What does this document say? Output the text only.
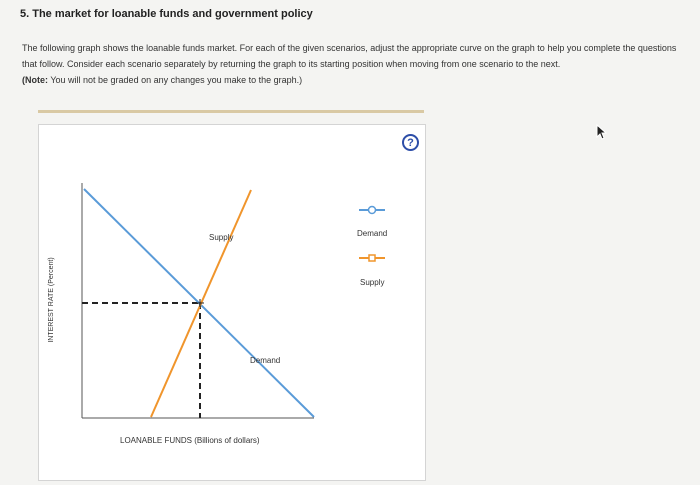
5. The market for loanable funds and government policy
The following graph shows the loanable funds market. For each of the given scenarios, adjust the appropriate curve on the graph to help you complete the questions that follow. Consider each scenario separately by returning the graph to its starting position when moving from one scenario to the next.
(Note: You will not be graded on any changes you make to the graph.)
Supply
Demand
INTEREST RATE (Percent)
LOANABLE FUNDS (Billions of dollars)
Demand
Supply
?
